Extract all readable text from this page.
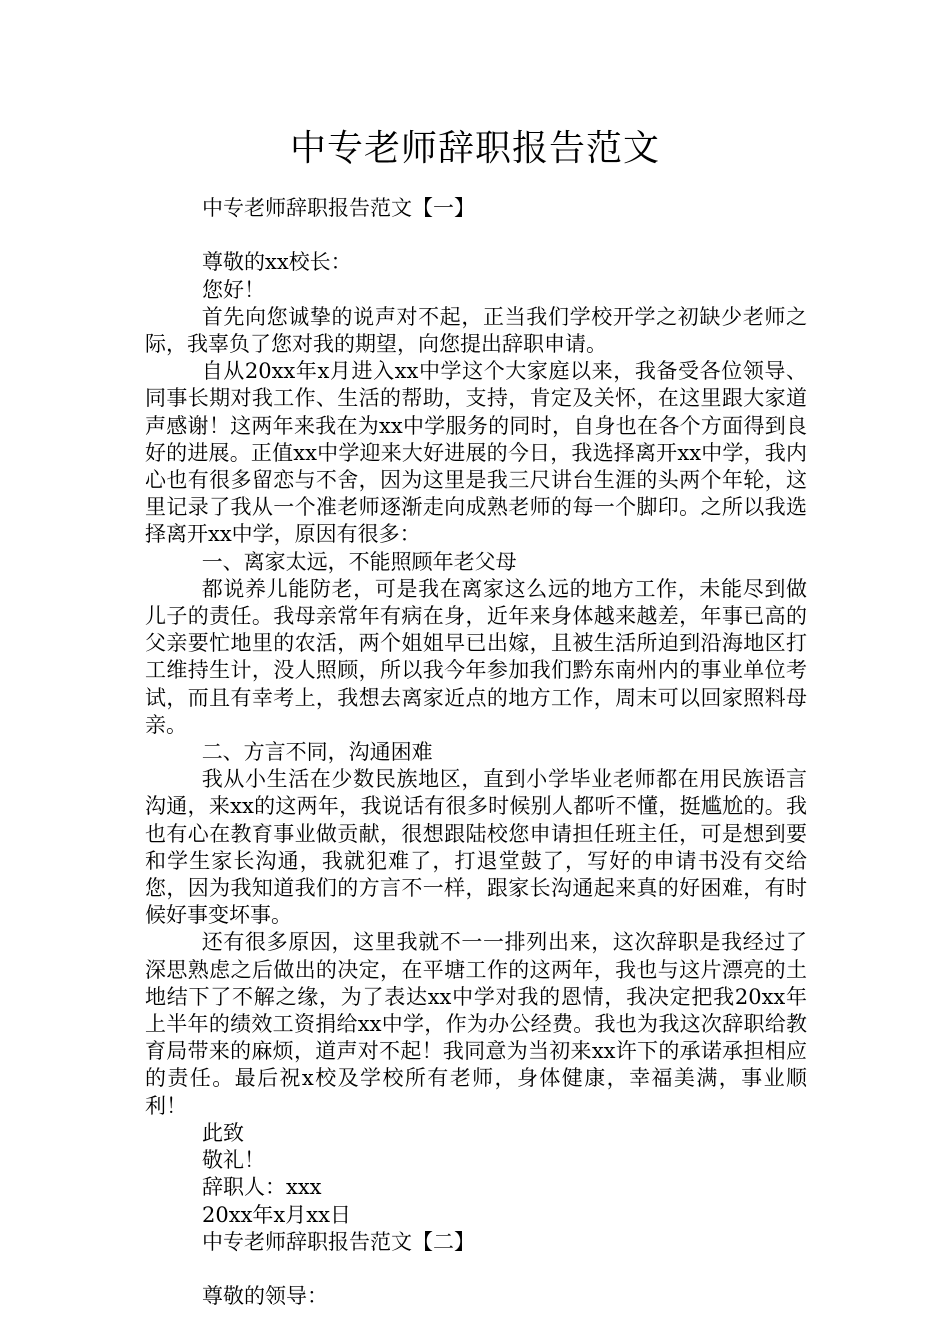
中专老师辞职报告范文

中专老师辞职报告范文【一】

尊敬的xx校长：

您好！

首先向您诚挚的说声对不起，正当我们学校开学之初缺少老师之际，我辜负了您对我的期望，向您提出辞职申请。

自从20xx年x月进入xx中学这个大家庭以来，我备受各位领导、同事长期对我工作、生活的帮助，支持，肯定及关怀，在这里跟大家道声感谢！这两年来我在为xx中学服务的同时，自身也在各个方面得到良好的进展。正值xx中学迎来大好进展的今日，我选择离开xx中学，我内心也有很多留恋与不舍，因为这里是我三尺讲台生涯的头两个年轮，这里记录了我从一个准老师逐渐走向成熟老师的每一个脚印。之所以我选择离开xx中学，原因有很多：

一、离家太远，不能照顾年老父母

都说养儿能防老，可是我在离家这么远的地方工作，未能尽到做儿子的责任。我母亲常年有病在身，近年来身体越来越差，年事已高的父亲要忙地里的农活，两个姐姐早已出嫁，且被生活所迫到沿海地区打工维持生计，没人照顾，所以我今年参加我们黔东南州内的事业单位考试，而且有幸考上，我想去离家近点的地方工作，周末可以回家照料母亲。

二、方言不同，沟通困难

我从小生活在少数民族地区，直到小学毕业老师都在用民族语言沟通，来xx的这两年，我说话有很多时候别人都听不懂，挺尴尬的。我也有心在教育事业做贡献，很想跟陆校您申请担任班主任，可是想到要和学生家长沟通，我就犯难了，打退堂鼓了，写好的申请书没有交给您，因为我知道我们的方言不一样，跟家长沟通起来真的好困难，有时候好事变坏事。

还有很多原因，这里我就不一一排列出来，这次辞职是我经过了深思熟虑之后做出的决定，在平塘工作的这两年，我也与这片漂亮的土地结下了不解之缘，为了表达xx中学对我的恩情，我决定把我20xx年上半年的绩效工资捐给xx中学，作为办公经费。我也为我这次辞职给教育局带来的麻烦，道声对不起！我同意为当初来xx许下的承诺承担相应的责任。最后祝x校及学校所有老师，身体健康，幸福美满，事业顺利！

此致

敬礼！

辞职人：xxx

20xx年x月xx日

中专老师辞职报告范文【二】

尊敬的领导：
